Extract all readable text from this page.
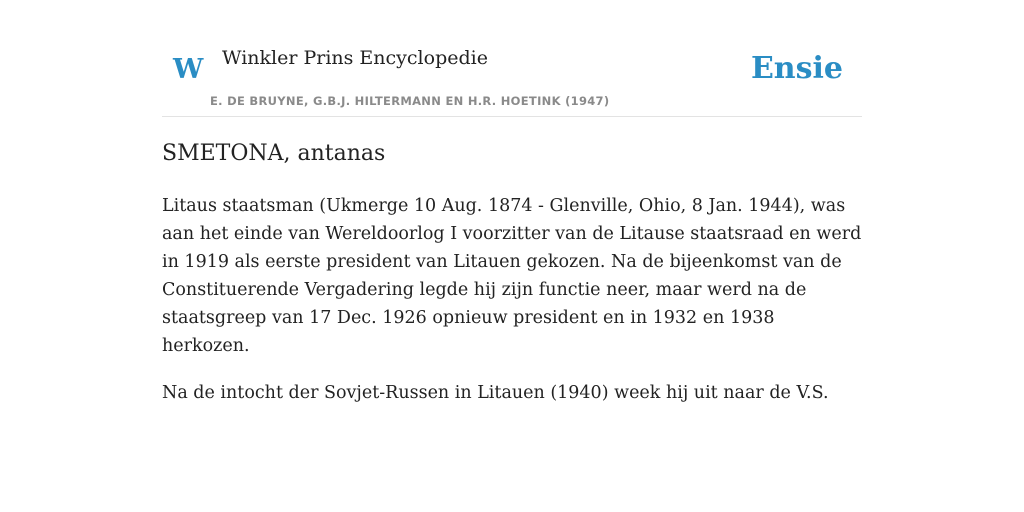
W Winkler Prins Encyclopedie
E. DE BRUYNE, G.B.J. HILTERMANN EN H.R. HOETINK (1947)
Ensie
SMETONA, antanas

Litaus staatsman (Ukmerge 10 Aug. 1874 - Glenville, Ohio, 8 Jan. 1944), was aan het einde van Wereldoorlog I voorzitter van de Litause staatsraad en werd in 1919 als eerste president van Litauen gekozen. Na de bijeenkomst van de Constituerende Vergadering legde hij zijn functie neer, maar werd na de staatsgreep van 17 Dec. 1926 opnieuw president en in 1932 en 1938 herkozen.

Na de intocht der Sovjet-Russen in Litauen (1940) week hij uit naar de V.S.
